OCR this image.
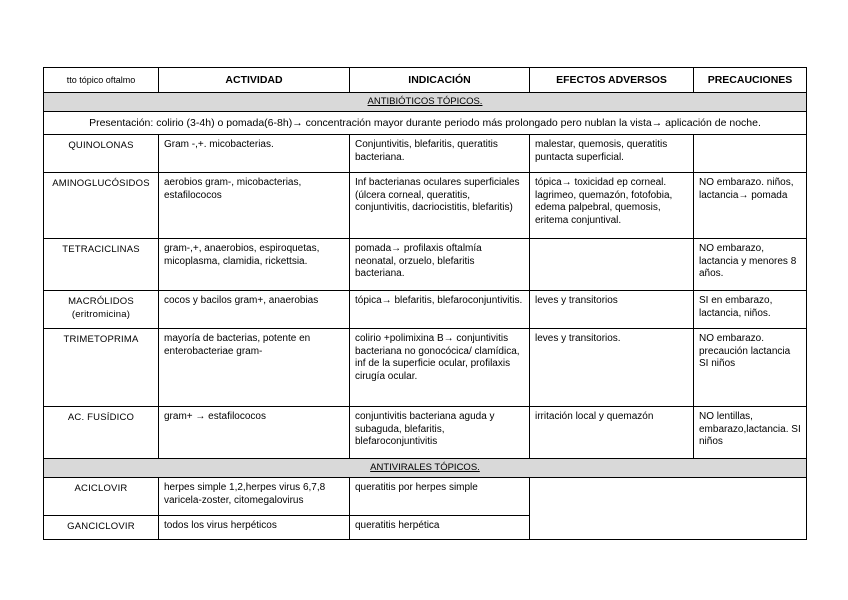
tto tópico oftalmo	ACTIVIDAD	INDICACIÓN	EFECTOS ADVERSOS	PRECAUCIONES
ANTIBIÓTICOS TÓPICOS.				
Presentación: colirio (3-4h) o pomada(6-8h)→ concentración mayor durante periodo más prolongado pero nublan la vista→ aplicación de noche.				
QUINOLONAS	Gram -,+. micobacterias.	Conjuntivitis, blefaritis, queratitis bacteriana.	malestar, quemosis, queratitis puntacta superficial.	
AMINOGLUCÓSIDOS	aerobios gram-, micobacterias, estafilococos	Inf bacterianas oculares superficiales (úlcera corneal, queratitis, conjuntivitis, dacriocistitis, blefaritis)	tópica→ toxicidad ep corneal. lagrimeo, quemazón, fotofobia, edema palpebral, quemosis, eritema conjuntival.	NO embarazo. niños, lactancia→ pomada
TETRACICLINAS	gram-,+, anaerobios, espiroquetas, micoplasma, clamidia, rickettsia.	pomada→ profilaxis oftalmía neonatal, orzuelo, blefaritis bacteriana.		NO embarazo, lactancia y menores 8 años.
MACRÓLIDOS (eritromicina)	cocos y bacilos gram+, anaerobias	tópica→ blefaritis, blefaroconjuntivitis.	leves y transitorios	SI en embarazo, lactancia, niños.
TRIMETOPRIMA	mayoría de bacterias, potente en enterobacteriae gram-	colirio +polimixina B→ conjuntivitis bacteriana no gonocócica/ clamídica, inf de la superficie ocular, profilaxis cirugía ocular.	leves y transitorios.	NO embarazo. precaución lactancia SI niños
AC. FUSÍDICO	gram+ → estafilococos	conjuntivitis bacteriana aguda y subaguda, blefaritis, blefaroconjuntivitis	irritación local y quemazón	NO lentillas, embarazo,lactancia. SI niños
ANTIVIRALES TÓPICOS.				
ACICLOVIR	herpes simple 1,2,herpes virus 6,7,8 varicela-zoster, citomegalovirus	queratitis por herpes simple		
GANCICLOVIR	todos los virus herpéticos	queratitis herpética		
